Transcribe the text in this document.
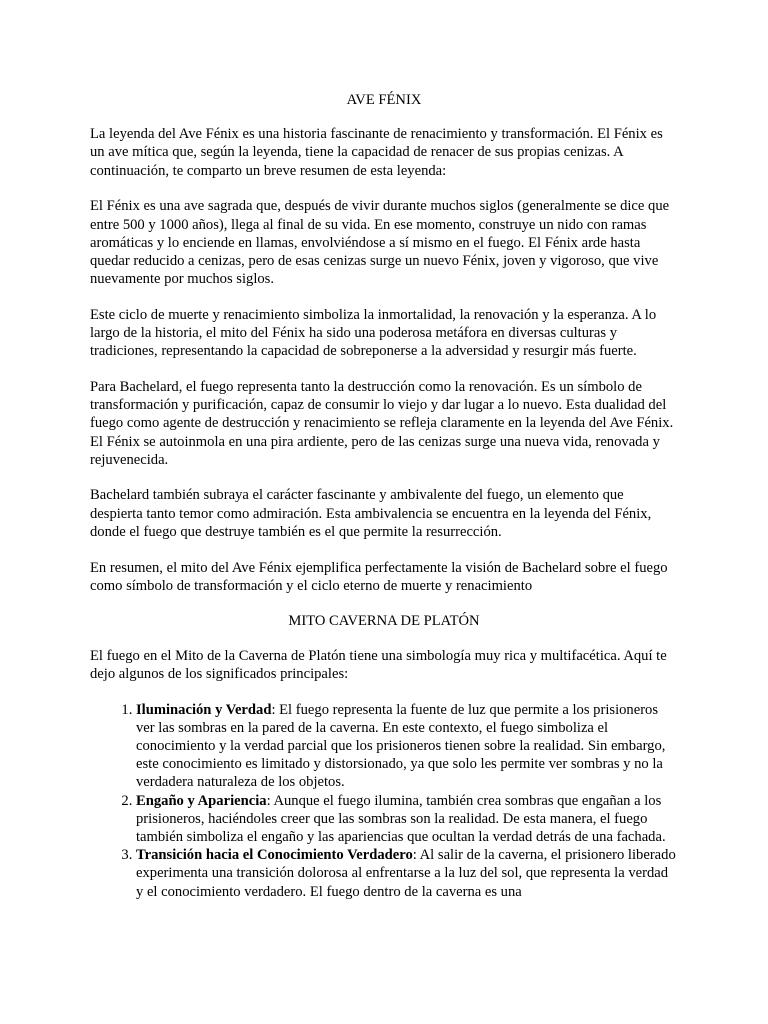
AVE FÉNIX

La leyenda del Ave Fénix es una historia fascinante de renacimiento y transformación. El Fénix es un ave mítica que, según la leyenda, tiene la capacidad de renacer de sus propias cenizas. A continuación, te comparto un breve resumen de esta leyenda:

El Fénix es una ave sagrada que, después de vivir durante muchos siglos (generalmente se dice que entre 500 y 1000 años), llega al final de su vida. En ese momento, construye un nido con ramas aromáticas y lo enciende en llamas, envolviéndose a sí mismo en el fuego. El Fénix arde hasta quedar reducido a cenizas, pero de esas cenizas surge un nuevo Fénix, joven y vigoroso, que vive nuevamente por muchos siglos.

Este ciclo de muerte y renacimiento simboliza la inmortalidad, la renovación y la esperanza. A lo largo de la historia, el mito del Fénix ha sido una poderosa metáfora en diversas culturas y tradiciones, representando la capacidad de sobreponerse a la adversidad y resurgir más fuerte.

Para Bachelard, el fuego representa tanto la destrucción como la renovación. Es un símbolo de transformación y purificación, capaz de consumir lo viejo y dar lugar a lo nuevo. Esta dualidad del fuego como agente de destrucción y renacimiento se refleja claramente en la leyenda del Ave Fénix. El Fénix se autoinmola en una pira ardiente, pero de las cenizas surge una nueva vida, renovada y rejuvenecida.

Bachelard también subraya el carácter fascinante y ambivalente del fuego, un elemento que despierta tanto temor como admiración. Esta ambivalencia se encuentra en la leyenda del Fénix, donde el fuego que destruye también es el que permite la resurrección.

En resumen, el mito del Ave Fénix ejemplifica perfectamente la visión de Bachelard sobre el fuego como símbolo de transformación y el ciclo eterno de muerte y renacimiento

MITO CAVERNA DE PLATÓN

El fuego en el Mito de la Caverna de Platón tiene una simbología muy rica y multifacética. Aquí te dejo algunos de los significados principales:

1. Iluminación y Verdad: El fuego representa la fuente de luz que permite a los prisioneros ver las sombras en la pared de la caverna. En este contexto, el fuego simboliza el conocimiento y la verdad parcial que los prisioneros tienen sobre la realidad. Sin embargo, este conocimiento es limitado y distorsionado, ya que solo les permite ver sombras y no la verdadera naturaleza de los objetos.
2. Engaño y Apariencia: Aunque el fuego ilumina, también crea sombras que engañan a los prisioneros, haciéndoles creer que las sombras son la realidad. De esta manera, el fuego también simboliza el engaño y las apariencias que ocultan la verdad detrás de una fachada.
3. Transición hacia el Conocimiento Verdadero: Al salir de la caverna, el prisionero liberado experimenta una transición dolorosa al enfrentarse a la luz del sol, que representa la verdad y el conocimiento verdadero. El fuego dentro de la caverna es una
